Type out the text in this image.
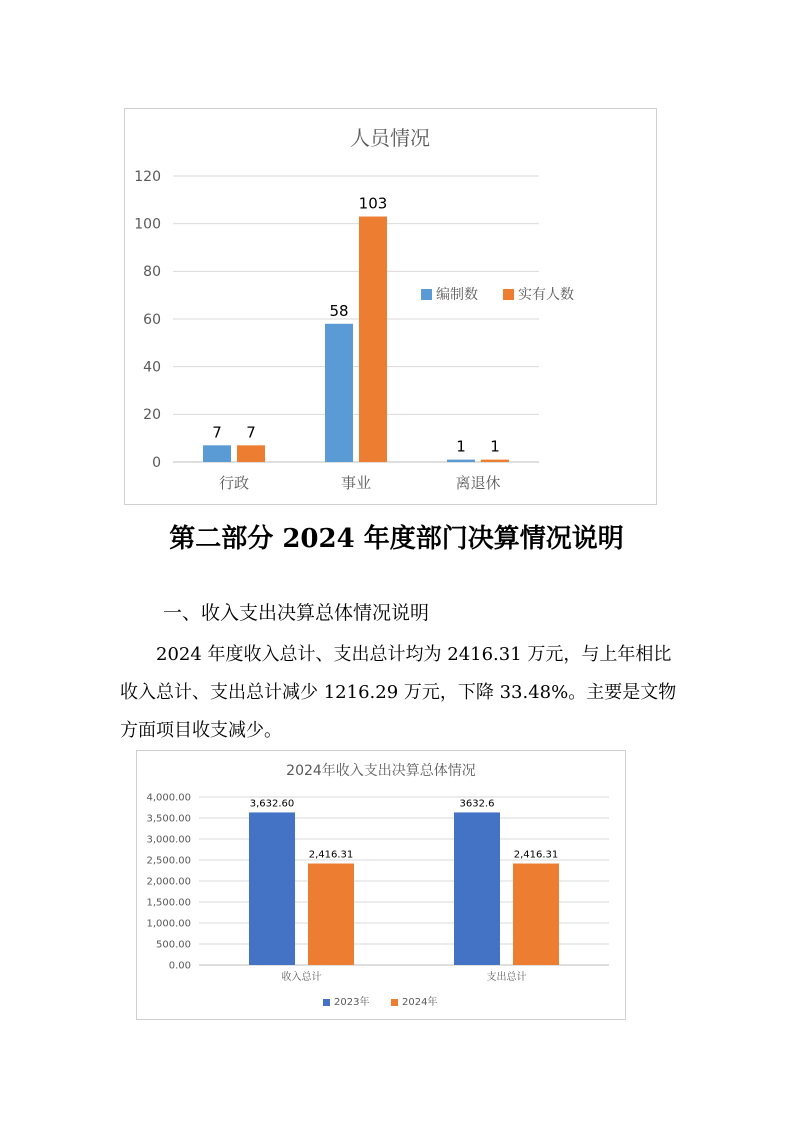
人员情况
0
20
40
60
80
100
120
行政
7 7
事业
58
103
离退休
1 1
编制数	实有人数
第二部分 2024 年度部门决算情况说明
一、收入支出决算总体情况说明

2024 年度收入总计、支出总计均为 2416.31 万元，与上年相比收入总计、支出总计减少 1216.29 万元，下降 33.48%。主要是文物方面项目收支减少。

2024年收入支出决算总体情况
0.00
500.00
1,000.00
1,500.00
2,000.00
2,500.00
3,000.00
3,500.00
4,000.00
收入总计
3,632.60
2,416.31
支出总计
3632.6
2,416.31
2023年	2024年
